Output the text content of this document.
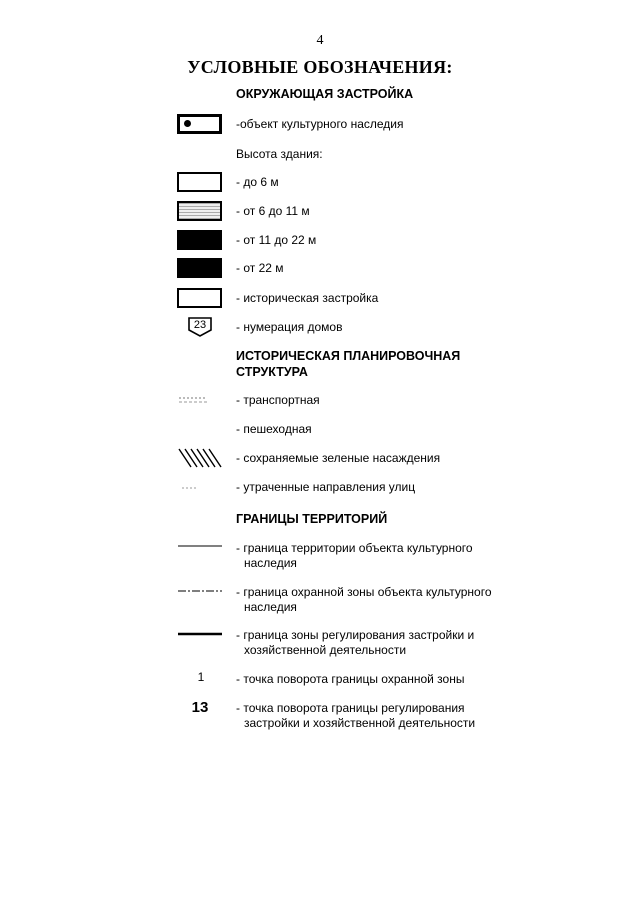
4
УСЛОВНЫЕ ОБОЗНАЧЕНИЯ:
ОКРУЖАЮЩАЯ ЗАСТРОЙКА
-объект культурного наследия
Высота здания:
- до 6 м
- от 6 до 11 м
- от 11 до 22 м
- от 22 м
- историческая застройка
23	- нумерация домов
ИСТОРИЧЕСКАЯ ПЛАНИРОВОЧНАЯ
СТРУКТУРА
- транспортная
- пешеходная
- сохраняемые зеленые насаждения
- утраченные направления улиц
ГРАНИЦЫ ТЕРРИТОРИЙ
- граница территории объекта культурного
наследия
- граница охранной зоны объекта культурного
наследия
- граница зоны регулирования застройки и
хозяйственной деятельности
1	- точка поворота границы охранной зоны
13	- точка поворота границы регулирования
застройки и хозяйственной деятельности
